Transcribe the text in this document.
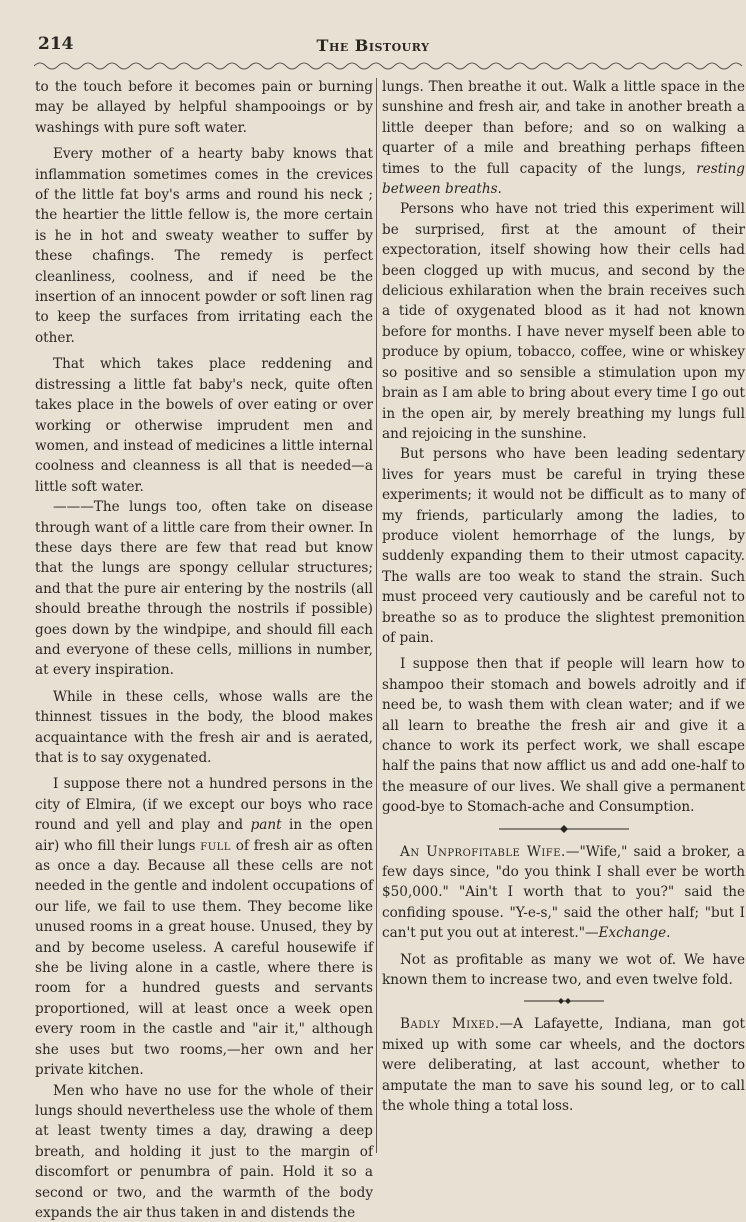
214	The Bistoury

to the touch before it becomes pain or burning may be allayed by helpful shampooings or by washings with pure soft water.

Every mother of a hearty baby knows that inflammation sometimes comes in the crevices of the little fat boy's arms and round his neck ; the heartier the little fellow is, the more certain is he in hot and sweaty weather to suffer by these chafings. The remedy is perfect cleanliness, coolness, and if need be the insertion of an innocent powder or soft linen rag to keep the surfaces from irritating each the other.

That which takes place reddening and distressing a little fat baby's neck, quite often takes place in the bowels of over eating or over working or otherwise imprudent men and women, and instead of medicines a little internal coolness and cleanness is all that is needed—a little soft water.

———The lungs too, often take on disease through want of a little care from their owner. In these days there are few that read but know that the lungs are spongy cellular structures; and that the pure air entering by the nostrils (all should breathe through the nostrils if possible) goes down by the windpipe, and should fill each and everyone of these cells, millions in number, at every inspiration.

While in these cells, whose walls are the thinnest tissues in the body, the blood makes acquaintance with the fresh air and is aerated, that is to say oxygenated.

I suppose there not a hundred persons in the city of Elmira, (if we except our boys who race round and yell and play and pant in the open air) who fill their lungs full of fresh air as often as once a day. Because all these cells are not needed in the gentle and indolent occupations of our life, we fail to use them. They become like unused rooms in a great house. Unused, they by and by become useless. A careful housewife if she be living alone in a castle, where there is room for a hundred guests and servants proportioned, will at least once a week open every room in the castle and "air it," although she uses but two rooms,—her own and her private kitchen.

Men who have no use for the whole of their lungs should nevertheless use the whole of them at least twenty times a day, drawing a deep breath, and holding it just to the margin of discomfort or penumbra of pain. Hold it so a second or two, and the warmth of the body expands the air thus taken in and distends the

lungs. Then breathe it out. Walk a little space in the sunshine and fresh air, and take in another breath a little deeper than before; and so on walking a quarter of a mile and breathing perhaps fifteen times to the full capacity of the lungs, resting between breaths.

Persons who have not tried this experiment will be surprised, first at the amount of their expectoration, itself showing how their cells had been clogged up with mucus, and second by the delicious exhilaration when the brain receives such a tide of oxygenated blood as it had not known before for months. I have never myself been able to produce by opium, tobacco, coffee, wine or whiskey so positive and so sensible a stimulation upon my brain as I am able to bring about every time I go out in the open air, by merely breathing my lungs full and rejoicing in the sunshine.

But persons who have been leading sedentary lives for years must be careful in trying these experiments; it would not be difficult as to many of my friends, particularly among the ladies, to produce violent hemorrhage of the lungs, by suddenly expanding them to their utmost capacity. The walls are too weak to stand the strain. Such must proceed very cautiously and be careful not to breathe so as to produce the slightest premonition of pain.

I suppose then that if people will learn how to shampoo their stomach and bowels adroitly and if need be, to wash them with clean water; and if we all learn to breathe the fresh air and give it a chance to work its perfect work, we shall escape half the pains that now afflict us and add one-half to the measure of our lives. We shall give a permanent good-bye to Stomach-ache and Consumption.

An Unprofitable Wife.—"Wife," said a broker, a few days since, "do you think I shall ever be worth $50,000." "Ain't I worth that to you?" said the confiding spouse. "Y-e-s," said the other half; "but I can't put you out at interest."—Exchange.

Not as profitable as many we wot of. We have known them to increase two, and even twelve fold.

Badly Mixed.—A Lafayette, Indiana, man got mixed up with some car wheels, and the doctors were deliberating, at last account, whether to amputate the man to save his sound leg, or to call the whole thing a total loss.
